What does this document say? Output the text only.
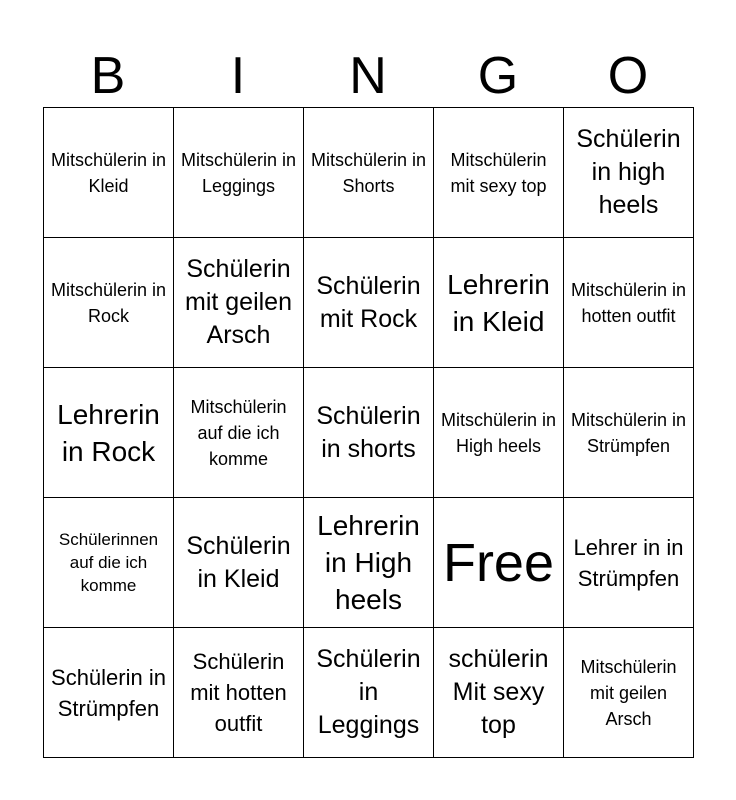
B	I	N	G	O
Mitschülerin in Kleid	Mitschülerin in Leggings	Mitschülerin in Shorts	Mitschülerin mit sexy top	Schülerin in high heels
Mitschülerin in Rock	Schülerin mit geilen Arsch	Schülerin mit Rock	Lehrerin in Kleid	Mitschülerin in hotten outfit
Lehrerin in Rock	Mitschülerin auf die ich komme	Schülerin in shorts	Mitschülerin in High heels	Mitschülerin in Strümpfen
Schülerinnen auf die ich komme	Schülerin in Kleid	Lehrerin in High heels	Free	Lehrer in in Strümpfen
Schülerin in Strümpfen	Schülerin mit hotten outfit	Schülerin in Leggings	schülerin Mit sexy top	Mitschülerin mit geilen Arsch
